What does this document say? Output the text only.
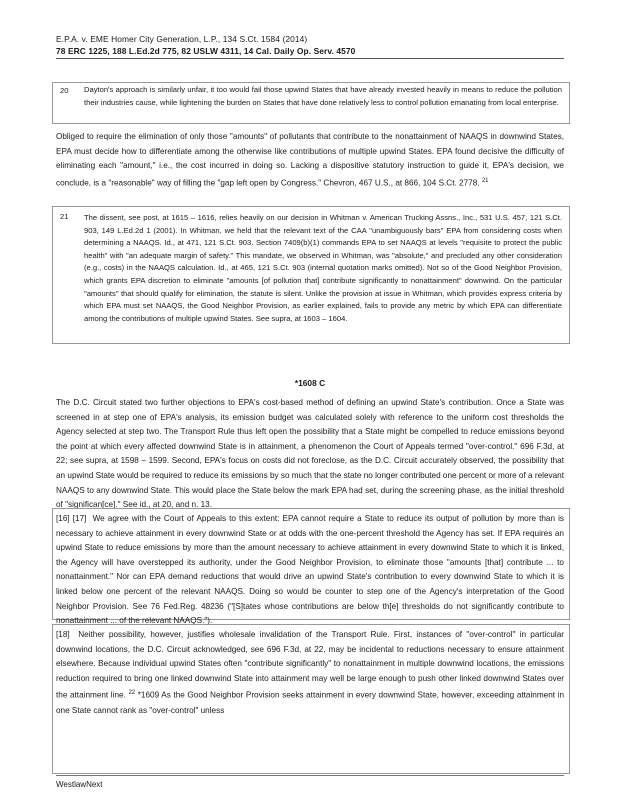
E.P.A. v. EME Homer City Generation, L.P., 134 S.Ct. 1584 (2014)
78 ERC 1225, 188 L.Ed.2d 775, 82 USLW 4311, 14 Cal. Daily Op. Serv. 4570
20 Dayton's approach is similarly unfair, it too would fail those upwind States that have already invested heavily in means to reduce the pollution their industries cause, while lightening the burden on States that have done relatively less to control pollution emanating from local enterprise.

Obliged to require the elimination of only those "amounts" of pollutants that contribute to the nonattainment of NAAQS in downwind States, EPA must decide how to differentiate among the otherwise like contributions of multiple upwind States. EPA found decisive the difficulty of eliminating each "amount," i.e., the cost incurred in doing so. Lacking a dispositive statutory instruction to guide it, EPA's decision, we conclude, is a "reasonable" way of filling the "gap left open by Congress." Chevron, 467 U.S., at 866, 104 S.Ct. 2778. $^{21}$

21 The dissent, see post, at 1615 – 1616, relies heavily on our decision in Whitman v. American Trucking Assns., Inc., 531 U.S. 457, 121 S.Ct. 903, 149 L.Ed.2d 1 (2001). In Whitman, we held that the relevant text of the CAA "unambiguously bars" EPA from considering costs when determining a NAAQS. Id., at 471, 121 S.Ct. 903. Section 7409(b)(1) commands EPA to set NAAQS at levels "requisite to protect the public health" with "an adequate margin of safety." This mandate, we observed in Whitman, was "absolute," and precluded any other consideration (e.g., costs) in the NAAQS calculation. Id., at 465, 121 S.Ct. 903 (internal quotation marks omitted). Not so of the Good Neighbor Provision, which grants EPA discretion to eliminate "amounts [of pollution that] contribute significantly to nonattainment" downwind. On the particular "amounts" that should qualify for elimination, the statute is silent. Unlike the provision at issue in Whitman, which provides express criteria by which EPA must set NAAQS, the Good Neighbor Provision, as earlier explained, fails to provide any metric by which EPA can differentiate among the contributions of multiple upwind States. See supra, at 1603 – 1604.

*1608 C

The D.C. Circuit stated two further objections to EPA's cost-based method of defining an upwind State's contribution. Once a State was screened in at step one of EPA's analysis, its emission budget was calculated solely with reference to the uniform cost thresholds the Agency selected at step two. The Transport Rule thus left open the possibility that a State might be compelled to reduce emissions beyond the point at which every affected downwind State is in attainment, a phenomenon the Court of Appeals termed "over-control." 696 F.3d, at 22; see supra, at 1598 – 1599. Second, EPA's focus on costs did not foreclose, as the D.C. Circuit accurately observed, the possibility that an upwind State would be required to reduce its emissions by so much that the state no longer contributed one percent or more of a relevant NAAQS to any downwind State. This would place the State below the mark EPA had set, during the screening phase, as the initial threshold of "significan[ce]." See id., at 20, and n. 13.

[16] [17] We agree with the Court of Appeals to this extent: EPA cannot require a State to reduce its output of pollution by more than is necessary to achieve attainment in every downwind State or at odds with the one-percent threshold the Agency has set. If EPA requires an upwind State to reduce emissions by more than the amount necessary to achieve attainment in every downwind State to which it is linked, the Agency will have overstepped its authority, under the Good Neighbor Provision, to eliminate those "amounts [that] contribute ... to nonattainment." Nor can EPA demand reductions that would drive an upwind State's contribution to every downwind State to which it is linked below one percent of the relevant NAAQS. Doing so would be counter to step one of the Agency's interpretation of the Good Neighbor Provision. See 76 Fed.Reg. 48236 ("[S]tates whose contributions are below th[e] thresholds do not significantly contribute to nonattainment ... of the relevant NAAQS.").

[18] Neither possibility, however, justifies wholesale invalidation of the Transport Rule. First, instances of "over-control" in particular downwind locations, the D.C. Circuit acknowledged, see 696 F.3d, at 22, may be incidental to reductions necessary to ensure attainment elsewhere. Because individual upwind States often "contribute significantly" to nonattainment in multiple downwind locations, the emissions reduction required to bring one linked downwind State into attainment may well be large enough to push other linked downwind States over the attainment line. $^{22}$ *1609 As the Good Neighbor Provision seeks attainment in every downwind State, however, exceeding attainment in one State cannot rank as "over-control" unless

WestlawNext
